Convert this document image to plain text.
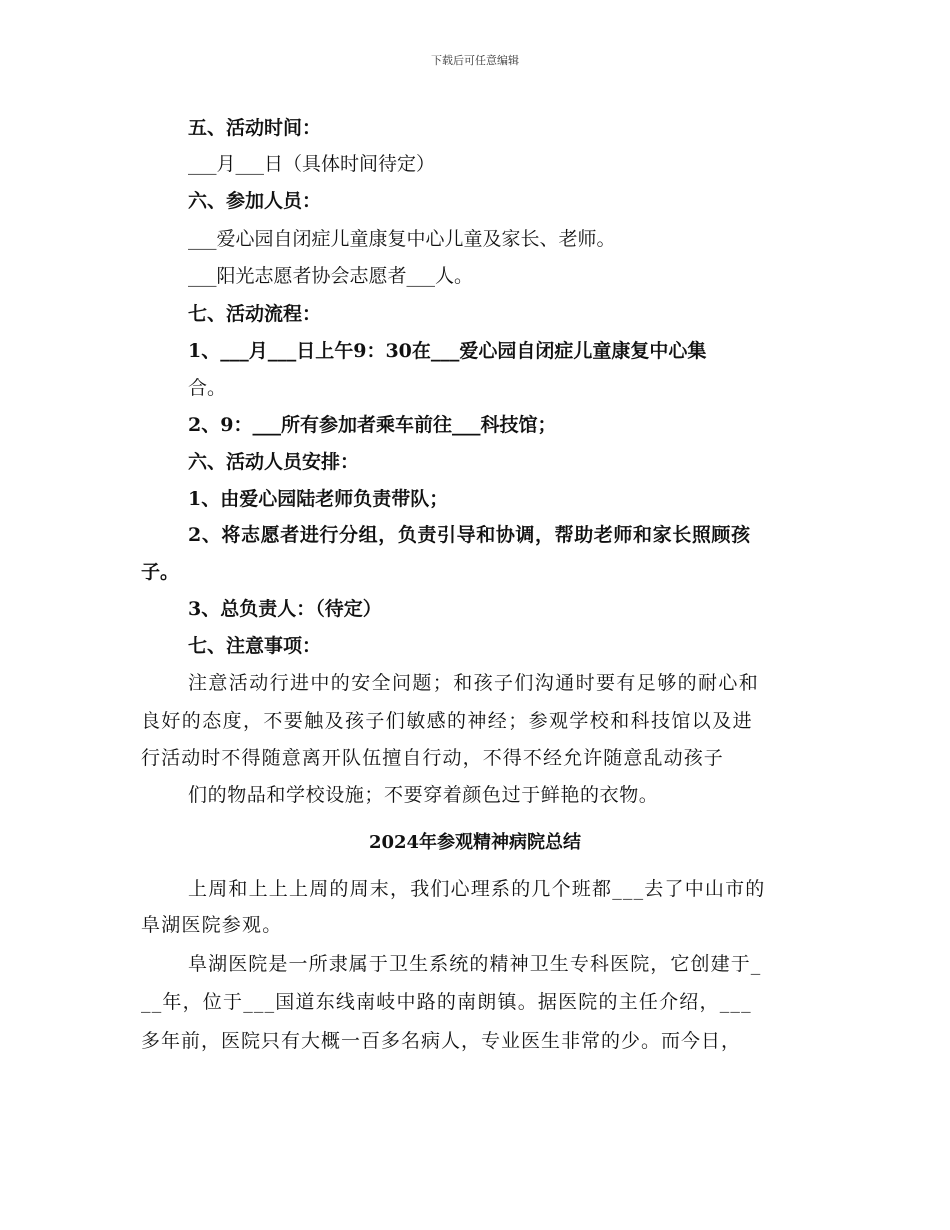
下载后可任意编辑
五、活动时间：
___月___日（具体时间待定）
六、参加人员：
___爱心园自闭症儿童康复中心儿童及家长、老师。
___阳光志愿者协会志愿者___人。
七、活动流程：
1、___月___日上午9：30在___爱心园自闭症儿童康复中心集
合。
2、9：___所有参加者乘车前往___科技馆；
六、活动人员安排：
1、由爱心园陆老师负责带队；
2、将志愿者进行分组，负责引导和协调，帮助老师和家长照顾孩
子。
3、总负责人：（待定）
七、注意事项：
注意活动行进中的安全问题；和孩子们沟通时要有足够的耐心和
良好的态度，不要触及孩子们敏感的神经；参观学校和科技馆以及进
行活动时不得随意离开队伍擅自行动，不得不经允许随意乱动孩子
们的物品和学校设施；不要穿着颜色过于鲜艳的衣物。
2024年参观精神病院总结
上周和上上上周的周末，我们心理系的几个班都___去了中山市的
阜湖医院参观。
阜湖医院是一所隶属于卫生系统的精神卫生专科医院，它创建于_
__年，位于___国道东线南岐中路的南朗镇。据医院的主任介绍，___
多年前，医院只有大概一百多名病人，专业医生非常的少。而今日，
